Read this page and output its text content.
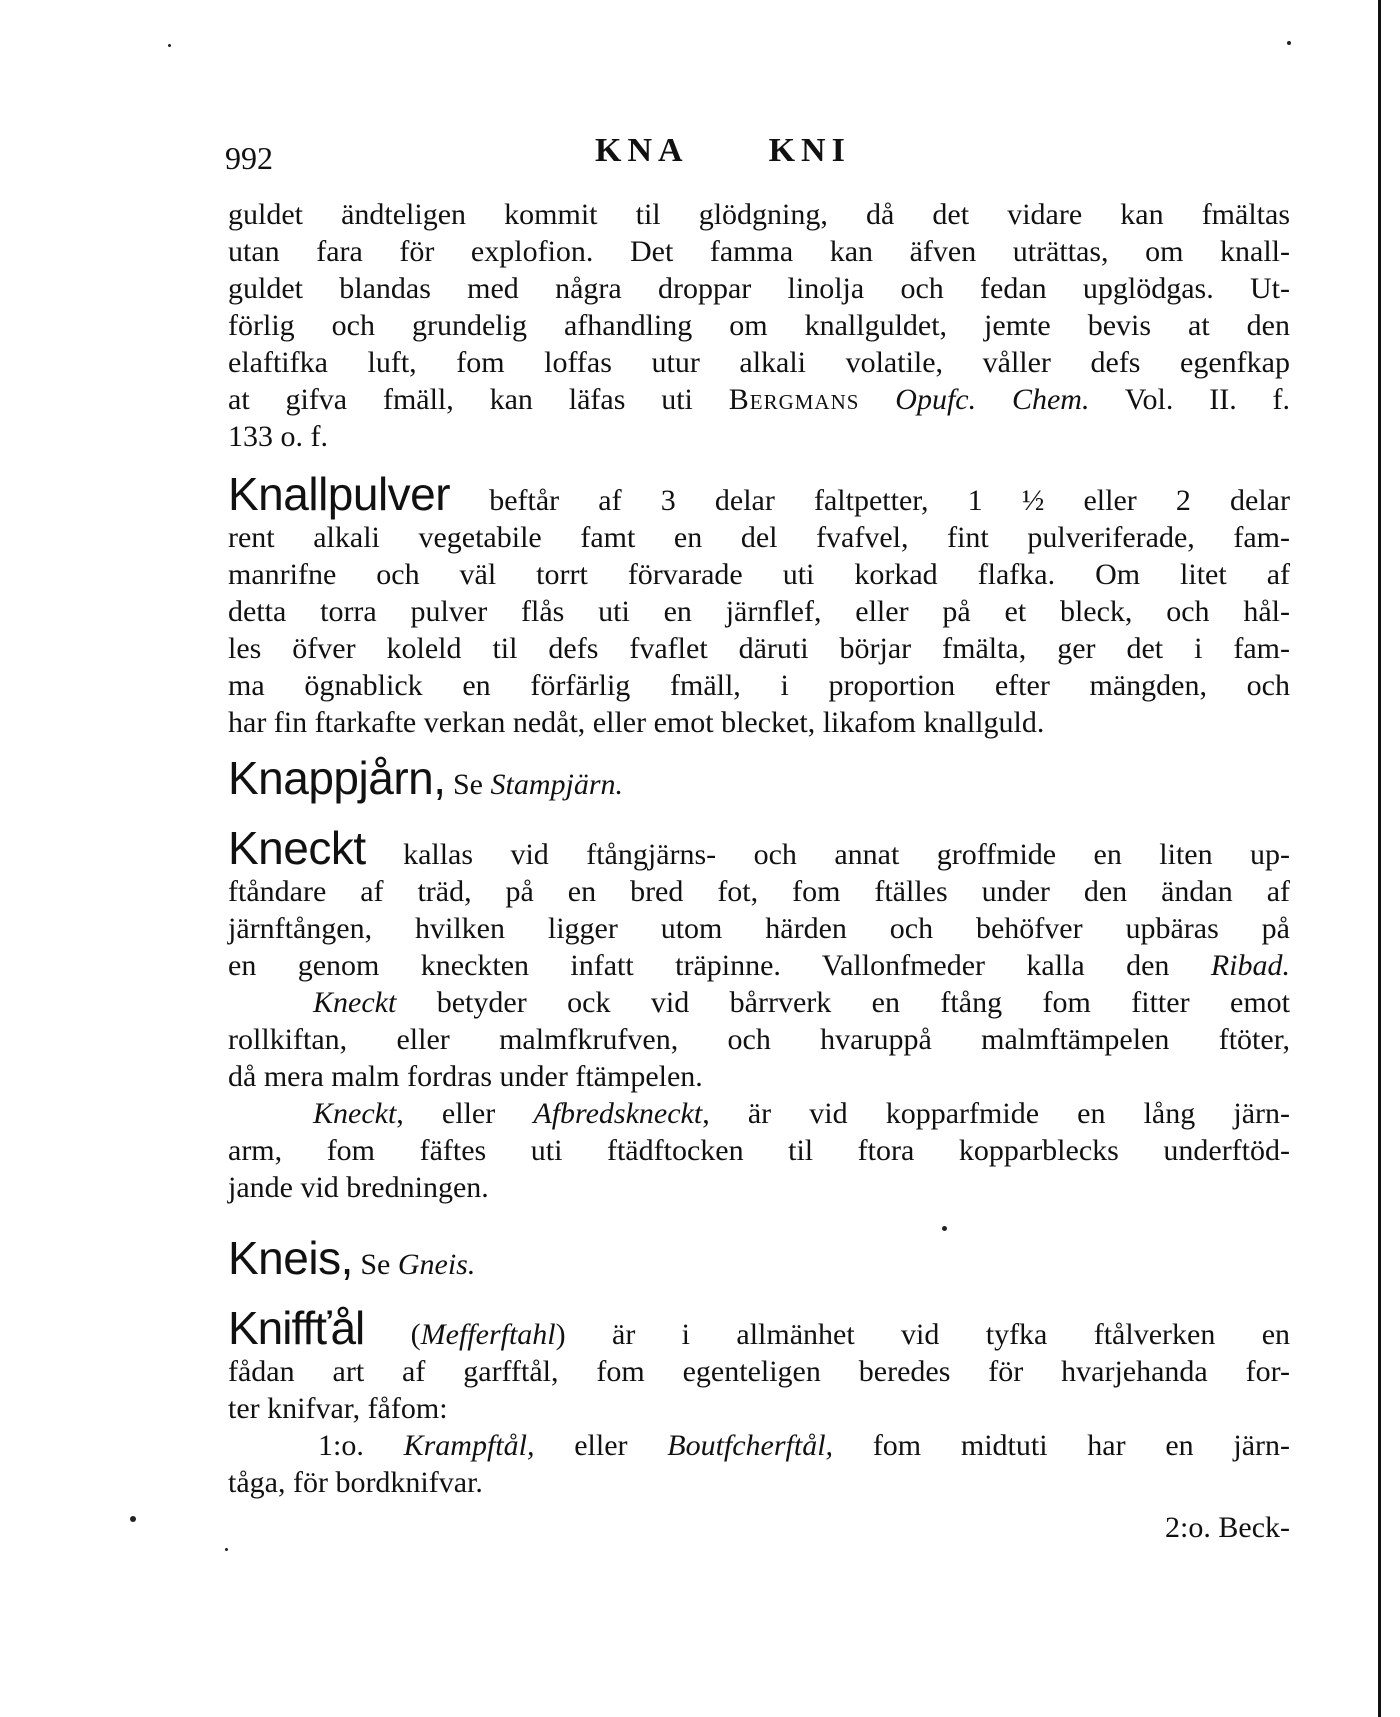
992	KNA KNI
guldet ändteligen kommit til glödgning, då det vidare kan fmältas
utan fara för explofion. Det famma kan äfven uträttas, om knall-
guldet blandas med några droppar linolja och fedan upglödgas. Ut-
förlig och grundelig afhandling om knallguldet, jemte bevis at den
elaftifka luft, fom loffas utur alkali volatile, våller defs egenfkap
at gifva fmäll, kan läfas uti Bergmans Opufc. Chem. Vol. II. f.
133 o. f.
Knallpulver beftår af 3 delar faltpetter, 1 ½ eller 2 delar
rent alkali vegetabile famt en del fvafvel, fint pulveriferade, fam-
manrifne och väl torrt förvarade uti korkad flafka. Om litet af
detta torra pulver flås uti en järnflef, eller på et bleck, och hål-
les öfver koleld til defs fvaflet däruti börjar fmälta, ger det i fam-
ma ögnablick en förfärlig fmäll, i proportion efter mängden, och
har fin ftarkafte verkan nedåt, eller emot blecket, likafom knallguld.
Knappjårn, Se Stampjärn.
Kneckt kallas vid ftångjärns- och annat groffmide en liten up-
ftåndare af träd, på en bred fot, fom ftälles under den ändan af
järnftången, hvilken ligger utom härden och behöfver upbäras på
en genom kneckten infatt träpinne. Vallonfmeder kalla den Ribad.
Kneckt betyder ock vid bårrverk en ftång fom fitter emot
rollkiftan, eller malmfkrufven, och hvaruppå malmftämpelen ftöter,
då mera malm fordras under ftämpelen.
Kneckt, eller Afbredskneckt, är vid kopparfmide en lång järn-
arm, fom fäftes uti ftädftocken til ftora kopparblecks underftöd-
jande vid bredningen.
Kneis, Se Gneis.
Kniffťål (Mefferftahl) är i allmänhet vid tyfka ftålverken en
fådan art af garfftål, fom egenteligen beredes för hvarjehanda for-
ter knifvar, fåfom:
1:o. Krampftål, eller Boutfcherftål, fom midtuti har en järn-
tåga, för bordknifvar.
2:o. Beck-
